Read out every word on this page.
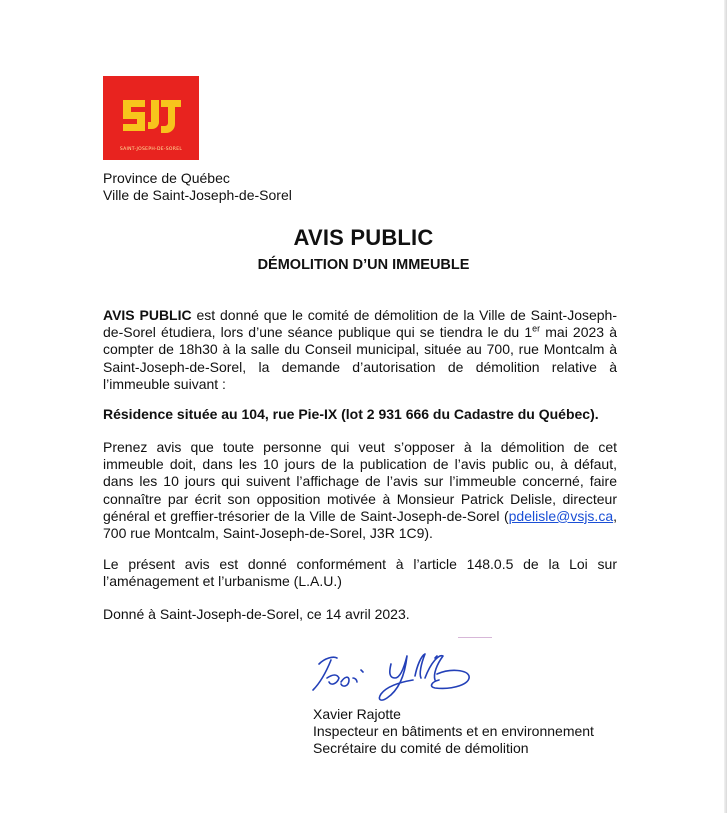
SAINT-JOSEPH-DE-SOREL
Province de Québec
Ville de Saint-Joseph-de-Sorel
AVIS PUBLIC
DÉMOLITION D’UN IMMEUBLE

AVIS PUBLIC est donné que le comité de démolition de la Ville de Saint-Joseph-de-Sorel étudiera, lors d’une séance publique qui se tiendra le du 1er mai 2023 à compter de 18h30 à la salle du Conseil municipal, située au 700, rue Montcalm à Saint-Joseph-de-Sorel, la demande d’autorisation de démolition relative à l’immeuble suivant :

Résidence située au 104, rue Pie-IX (lot 2 931 666 du Cadastre du Québec).

Prenez avis que toute personne qui veut s’opposer à la démolition de cet immeuble doit, dans les 10 jours de la publication de l’avis public ou, à défaut, dans les 10 jours qui suivent l’affichage de l’avis sur l’immeuble concerné, faire connaître par écrit son opposition motivée à Monsieur Patrick Delisle, directeur général et greffier-trésorier de la Ville de Saint-Joseph-de-Sorel (pdelisle@vsjs.ca, 700 rue Montcalm, Saint-Joseph-de-Sorel, J3R 1C9).

Le présent avis est donné conformément à l’article 148.0.5 de la Loi sur l’aménagement et l’urbanisme (L.A.U.)

Donné à Saint-Joseph-de-Sorel, ce 14 avril 2023.

Xavier Rajotte
Inspecteur en bâtiments et en environnement
Secrétaire du comité de démolition
